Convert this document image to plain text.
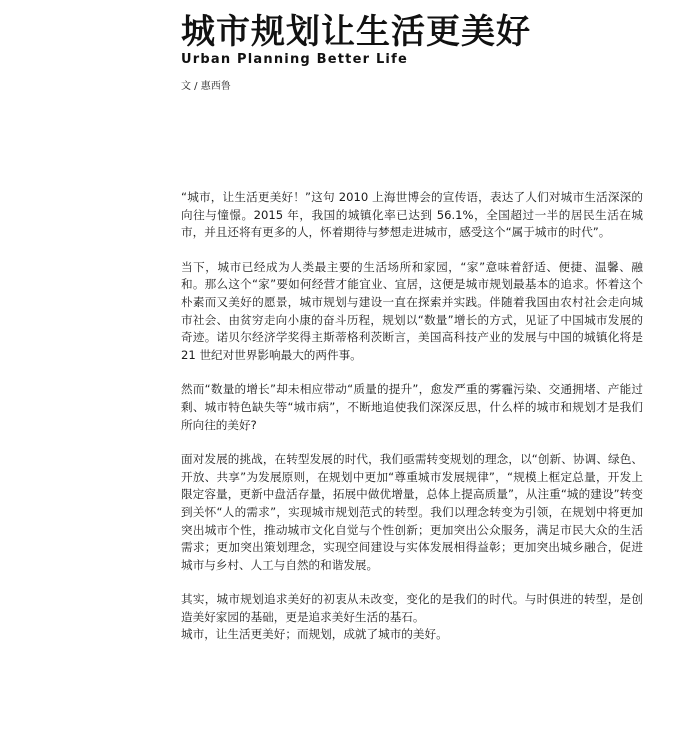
城市规划让生活更美好
Urban Planning Better Life
文 / 惠西鲁

“城市，让生活更美好！”这句 2010 上海世博会的宣传语，表达了人们对城市生活深深的向往与憧憬。2015 年，我国的城镇化率已达到 56.1%，全国超过一半的居民生活在城市，并且还将有更多的人，怀着期待与梦想走进城市，感受这个“属于城市的时代”。

当下，城市已经成为人类最主要的生活场所和家园，“家”意味着舒适、便捷、温馨、融和。那么这个“家”要如何经营才能宜业、宜居，这便是城市规划最基本的追求。怀着这个朴素而又美好的愿景，城市规划与建设一直在探索并实践。伴随着我国由农村社会走向城市社会、由贫穷走向小康的奋斗历程，规划以“数量”增长的方式，见证了中国城市发展的奇迹。诺贝尔经济学奖得主斯蒂格利茨断言，美国高科技产业的发展与中国的城镇化将是 21 世纪对世界影响最大的两件事。

然而“数量的增长”却未相应带动“质量的提升”，愈发严重的雾霾污染、交通拥堵、产能过剩、城市特色缺失等“城市病”，不断地追使我们深深反思，什么样的城市和规划才是我们所向往的美好?

面对发展的挑战，在转型发展的时代，我们亟需转变规划的理念，以“创新、协调、绿色、开放、共享”为发展原则，在规划中更加“尊重城市发展规律”，“规模上框定总量，开发上限定容量，更新中盘活存量，拓展中做优增量，总体上提高质量”，从注重“城的建设”转变到关怀“人的需求”，实现城市规划范式的转型。我们以理念转变为引领，在规划中将更加突出城市个性，推动城市文化自觉与个性创新；更加突出公众服务，满足市民大众的生活需求；更加突出策划理念，实现空间建设与实体发展相得益彰；更加突出城乡融合，促进城市与乡村、人工与自然的和谐发展。

其实，城市规划追求美好的初衷从未改变，变化的是我们的时代。与时俱进的转型，是创造美好家园的基础，更是追求美好生活的基石。

城市，让生活更美好；而规划，成就了城市的美好。
